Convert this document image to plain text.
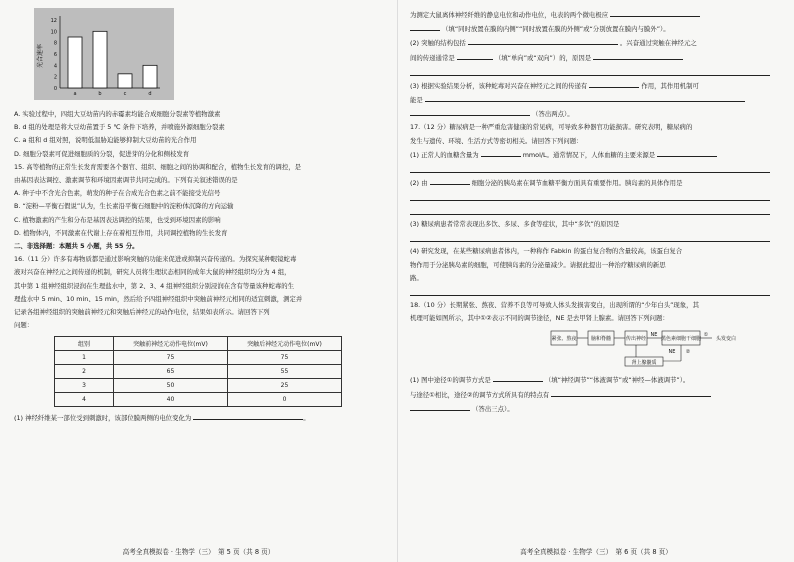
光合速率
0
2
4
6
8
10
12
a	b	c	d
A. 实验过程中，四组大豆幼苗内的赤霉素均能合成细胞分裂素等植物激素
B. d 组的处理是将大豆幼苗置于 5 ℃ 条件下培养，并喷施外源细胞分裂素
C. a 组和 d 组对照，说明低温胁迫能够抑制大豆幼苗的光合作用
D. 细胞分裂素可促进细胞质的分裂，促进芽的分化和侧枝发育
15. 高等植物的正常生长发育需要各个器官、组织、细胞之间的协调和配合，植物生长发育的调控，是
由基因表达调控、激素调节和环境因素调节共同完成的。下列有关叙述错误的是
A. 种子中不含光合色素，萌发的种子在合成光合色素之前不能接受光信号
B. “淀粉—平衡石假说”认为，生长素沿平衡石细胞中的淀粉体沉降的方向运输
C. 植物激素的产生和分布是基因表达调控的结果，也受到环境因素的影响
D. 植物体内，不同激素在代谢上存在着相互作用，共同调控植物的生长发育
二、非选择题：本题共 5 小题，共 55 分。
16.（11 分）许多有毒物质都是通过影响突触的功能来促进或抑制兴奋传递的。为探究某种眼镜蛇毒
液对兴奋在神经元之间传递的机制，研究人员将生理状态相同的成年大鼠的神经组织均分为 4 组，
其中第 1 组神经组织浸润在生理盐水中，第 2、3、4 组神经组织分别浸润在含有等量该种蛇毒的生
理盐水中 5 min、10 min、15 min，然后给予四组神经组织中突触前神经元相同的适宜刺激，测定并
记录各组神经组织的突触前神经元和突触后神经元的动作电位，结果如表所示。请回答下列
问题：
组别	突触前神经元动作电位(mV)	突触后神经元动作电位(mV)
1	75	75
2	65	55
3	50	25
4	40	0
(1) 神经纤维某一部位受到刺激时，该部位膜两侧的电位变化为	。
高考全真模拟卷 · 生物学（三）　第 5 页（共 8 页）
为测定大鼠离体神经纤维的静息电位和动作电位，电表的两个微电极应
（填“同时放置在膜的内侧”“同时放置在膜的外侧”或“分别放置在膜内与膜外”）。
(2) 突触的结构包括	。兴奋通过突触在神经元之
间的传递通常是	（填“单向”或“双向”）的，原因是
(3) 根据实验结果分析，该种蛇毒对兴奋在神经元之间的传递有	作用，其作用机制可
能是
（答出两点）。
17.（12 分）糖尿病是一种严重危害健康的常见病，可导致多种器官功能损害。研究表明，糖尿病的
发生与遗传、环境、生活方式等密切相关。请回答下列问题：
(1) 正常人的血糖含量为	mmol/L。通常情况下，人体血糖的主要来源是
(2) 由	细胞分泌的胰岛素在调节血糖平衡方面具有重要作用。胰岛素的具体作用是
(3) 糖尿病患者常常表现出多饮、多尿、多食等症状，其中“多饮”的原因是
(4) 研究发现，在某些糖尿病患者体内，一种称作 Fabkin 的蛋白复合物的含量较高，该蛋白复合
物作用于分泌胰岛素的细胞，可使胰岛素的分泌量减少。请据此提出一种治疗糖尿病的新思
路。
18.（10 分）长期紧张、熬夜、营养不良等可导致人体头发损害变白，出现所谓的“少年白头”现象，其
机理可能如图所示，其中①②表示不同的调节途径，NE 是去甲肾上腺素。请回答下列问题：
紧张、熬夜	脑和脊髓	传出神经
NE
黑色素细胞干细胞	头发变白
①
肾上腺髓质
NE ②
(1) 图中途径①的调节方式是	（填“神经调节”“体液调节”或“神经—体液调节”）。
与途径①相比，途径②的调节方式所具有的特点有
（答出三点）。
高考全真模拟卷 · 生物学（三）　第 6 页（共 8 页）
